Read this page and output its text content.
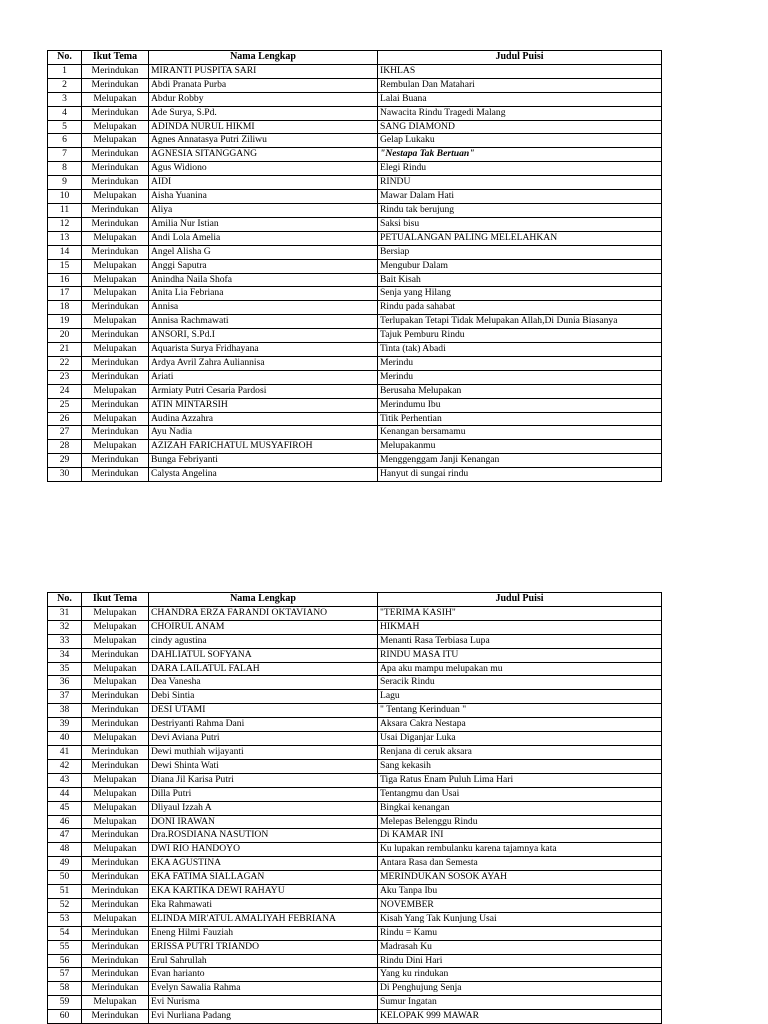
No.	Ikut Tema	Nama Lengkap	Judul Puisi
1	Merindukan	MIRANTI PUSPITA SARI	IKHLAS
2	Merindukan	Abdi Pranata Purba	Rembulan Dan Matahari
3	Melupakan	Abdur Robby	Lalai Buana
4	Merindukan	Ade Surya, S.Pd.	Nawacita Rindu Tragedi Malang
5	Melupakan	ADINDA NURUL HIKMI	SANG DIAMOND
6	Melupakan	Agnes Annatasya Putri Ziliwu	Gelap Lukaku
7	Merindukan	AGNESIA SITANGGANG	"Nestapa Tak Bertuan"
8	Merindukan	Agus Widiono	Elegi Rindu
9	Merindukan	AIDI	RINDU
10	Melupakan	Aisha Yuanina	Mawar Dalam Hati
11	Merindukan	Aliya	Rindu tak berujung
12	Merindukan	Amilia Nur Istian	Saksi bisu
13	Melupakan	Andi Lola Amelia	PETUALANGAN PALING MELELAHKAN
14	Merindukan	Angel Alisha G	Bersiap
15	Melupakan	Anggi Saputra	Mengubur Dalam
16	Melupakan	Anindha Naila Shofa	Bait Kisah
17	Melupakan	Anita Lia Febriana	Senja yang Hilang
18	Merindukan	Annisa	Rindu pada sahabat
19	Melupakan	Annisa Rachmawati	Terlupakan Tetapi Tidak Melupakan Allah,Di Dunia Biasanya
20	Merindukan	ANSORI, S.Pd.I	Tajuk Pemburu Rindu
21	Melupakan	Aquarista Surya Fridhayana	Tinta (tak) Abadi
22	Merindukan	Ardya Avril Zahra Auliannisa	Merindu
23	Merindukan	Ariati	Merindu
24	Melupakan	Armiaty Putri Cesaria Pardosi	Berusaha Melupakan
25	Merindukan	ATIN MINTARSIH	Merindumu Ibu
26	Melupakan	Audina Azzahra	Titik Perhentian
27	Merindukan	Ayu Nadia	Kenangan bersamamu
28	Melupakan	AZIZAH FARICHATUL MUSYAFIROH	Melupakanmu
29	Merindukan	Bunga Febriyanti	Menggenggam Janji Kenangan
30	Merindukan	Calysta Angelina	Hanyut di sungai rindu
No.	Ikut Tema	Nama Lengkap	Judul Puisi
31	Melupakan	CHANDRA ERZA FARANDI OKTAVIANO	"TERIMA KASIH"
32	Melupakan	CHOIRUL ANAM	HIKMAH
33	Melupakan	cindy agustina	Menanti Rasa Terbiasa Lupa
34	Merindukan	DAHLIATUL SOFYANA	RINDU MASA ITU
35	Melupakan	DARA LAILATUL FALAH	Apa aku mampu melupakan mu
36	Melupakan	Dea Vanesha	Seracik Rindu
37	Merindukan	Debi Sintia	Lagu
38	Merindukan	DESI UTAMI	" Tentang Kerinduan "
39	Merindukan	Destriyanti Rahma Dani	Aksara Cakra Nestapa
40	Melupakan	Devi Aviana Putri	Usai Diganjar Luka
41	Merindukan	Dewi muthiah wijayanti	Renjana di ceruk aksara
42	Merindukan	Dewi Shinta Wati	Sang kekasih
43	Melupakan	Diana Jil Karisa Putri	Tiga Ratus Enam Puluh Lima Hari
44	Melupakan	Dilla Putri	Tentangmu dan Usai
45	Melupakan	Dliyaul Izzah A	Bingkai kenangan
46	Melupakan	DONI IRAWAN	Melepas Belenggu Rindu
47	Merindukan	Dra.ROSDIANA NASUTION	Di KAMAR INI
48	Melupakan	DWI RIO HANDOYO	Ku lupakan rembulanku karena tajamnya kata
49	Merindukan	EKA AGUSTINA	Antara Rasa dan Semesta
50	Merindukan	EKA FATIMA SIALLAGAN	MERINDUKAN SOSOK AYAH
51	Merindukan	EKA KARTIKA DEWI RAHAYU	Aku Tanpa Ibu
52	Merindukan	Eka Rahmawati	NOVEMBER
53	Melupakan	ELINDA MIR'ATUL AMALIYAH FEBRIANA	Kisah Yang Tak Kunjung Usai
54	Merindukan	Eneng Hilmi Fauziah	Rindu = Kamu
55	Merindukan	ERISSA PUTRI TRIANDO	Madrasah Ku
56	Merindukan	Erul Sahrullah	Rindu Dini Hari
57	Merindukan	Evan harianto	Yang ku rindukan
58	Merindukan	Evelyn Sawalia Rahma	Di Penghujung Senja
59	Melupakan	Evi Nurisma	Sumur Ingatan
60	Merindukan	Evi Nurliana Padang	KELOPAK 999 MAWAR
